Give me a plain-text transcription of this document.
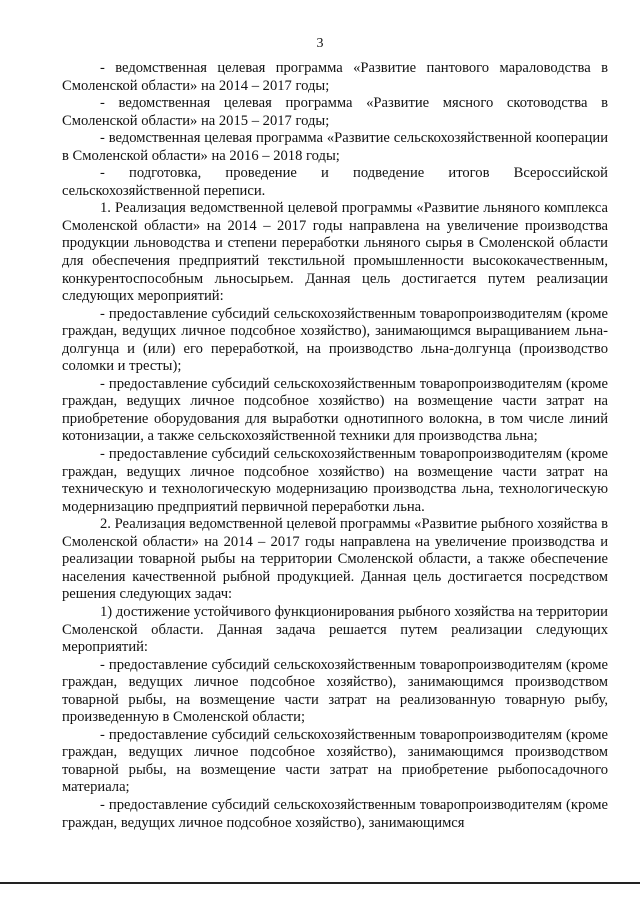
3

- ведомственная целевая программа «Развитие пантового мараловодства в Смоленской области» на 2014 – 2017 годы;

- ведомственная целевая программа «Развитие мясного скотоводства в Смоленской области» на 2015 – 2017 годы;

- ведомственная целевая программа «Развитие сельскохозяйственной кооперации в Смоленской области» на 2016 – 2018 годы;

- подготовка, проведение и подведение итогов Всероссийской сельскохозяйственной переписи.

1. Реализация ведомственной целевой программы «Развитие льняного комплекса Смоленской области» на 2014 – 2017 годы направлена на увеличение производства продукции льноводства и степени переработки льняного сырья в Смоленской области для обеспечения предприятий текстильной промышленности высококачественным, конкурентоспособным льносырьем. Данная цель достигается путем реализации следующих мероприятий:

- предоставление субсидий сельскохозяйственным товаропроизводителям (кроме граждан, ведущих личное подсобное хозяйство), занимающимся выращиванием льна-долгунца и (или) его переработкой, на производство льна-долгунца (производство соломки и тресты);

- предоставление субсидий сельскохозяйственным товаропроизводителям (кроме граждан, ведущих личное подсобное хозяйство) на возмещение части затрат на приобретение оборудования для выработки однотипного волокна, в том числе линий котонизации, а также сельскохозяйственной техники для производства льна;

- предоставление субсидий сельскохозяйственным товаропроизводителям (кроме граждан, ведущих личное подсобное хозяйство) на возмещение части затрат на техническую и технологическую модернизацию производства льна, технологическую модернизацию предприятий первичной переработки льна.

2. Реализация ведомственной целевой программы «Развитие рыбного хозяйства в Смоленской области» на 2014 – 2017 годы направлена на увеличение производства и реализации товарной рыбы на территории Смоленской области, а также обеспечение населения качественной рыбной продукцией. Данная цель достигается посредством решения следующих задач:

1) достижение устойчивого функционирования рыбного хозяйства на территории Смоленской области. Данная задача решается путем реализации следующих мероприятий:

- предоставление субсидий сельскохозяйственным товаропроизводителям (кроме граждан, ведущих личное подсобное хозяйство), занимающимся производством товарной рыбы, на возмещение части затрат на реализованную товарную рыбу, произведенную в Смоленской области;

- предоставление субсидий сельскохозяйственным товаропроизводителям (кроме граждан, ведущих личное подсобное хозяйство), занимающимся производством товарной рыбы, на возмещение части затрат на приобретение рыбопосадочного материала;

- предоставление субсидий сельскохозяйственным товаропроизводителям (кроме граждан, ведущих личное подсобное хозяйство), занимающимся
